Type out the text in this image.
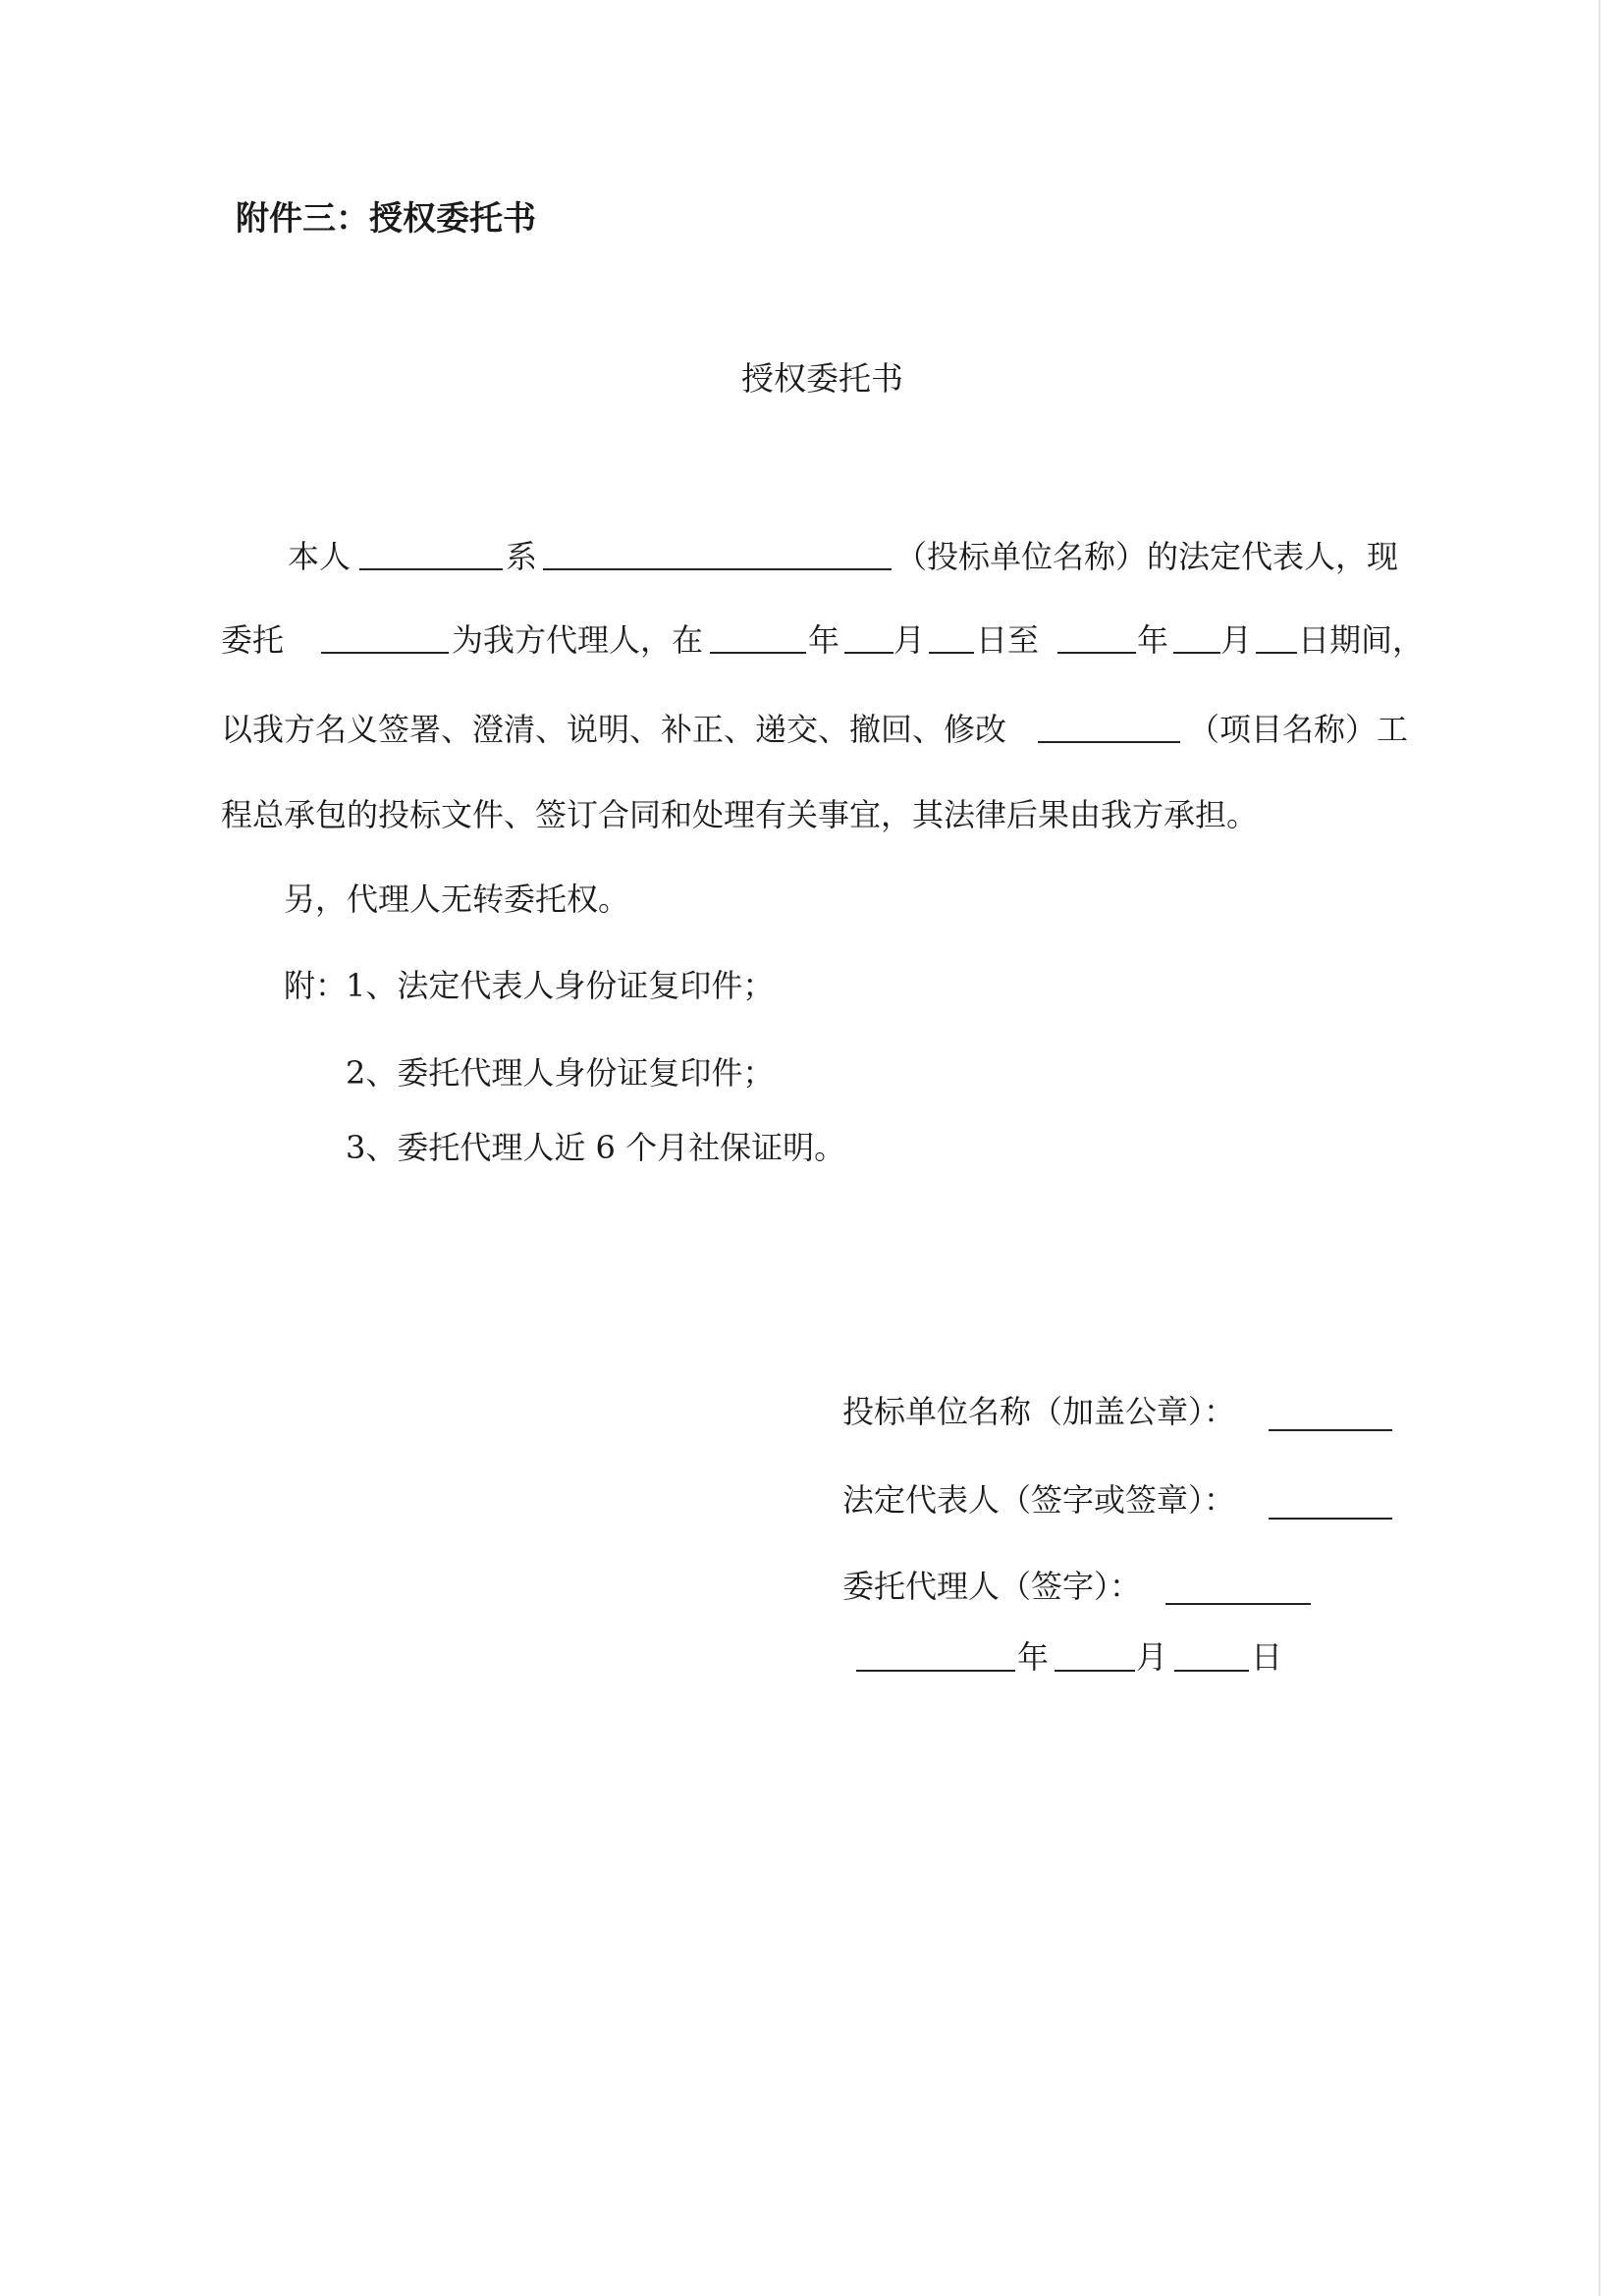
附件三：授权委托书
授权委托书
本人	系	（投标单位名称）的法定代表人，现
委托	为我方代理人，在	年 月 日至	年 月 日期间，
以我方名义签署、澄清、说明、补正、递交、撤回、修改	（项目名称）工
程总承包的投标文件、签订合同和处理有关事宜，其法律后果由我方承担。
另，代理人无转委托权。
附：
1、法定代表人身份证复印件；
2、委托代理人身份证复印件；
3、委托代理人近 6 个月社保证明。
投标单位名称（加盖公章）：
法定代表人（签字或签章）：
委托代理人（签字）：
年	月	日
